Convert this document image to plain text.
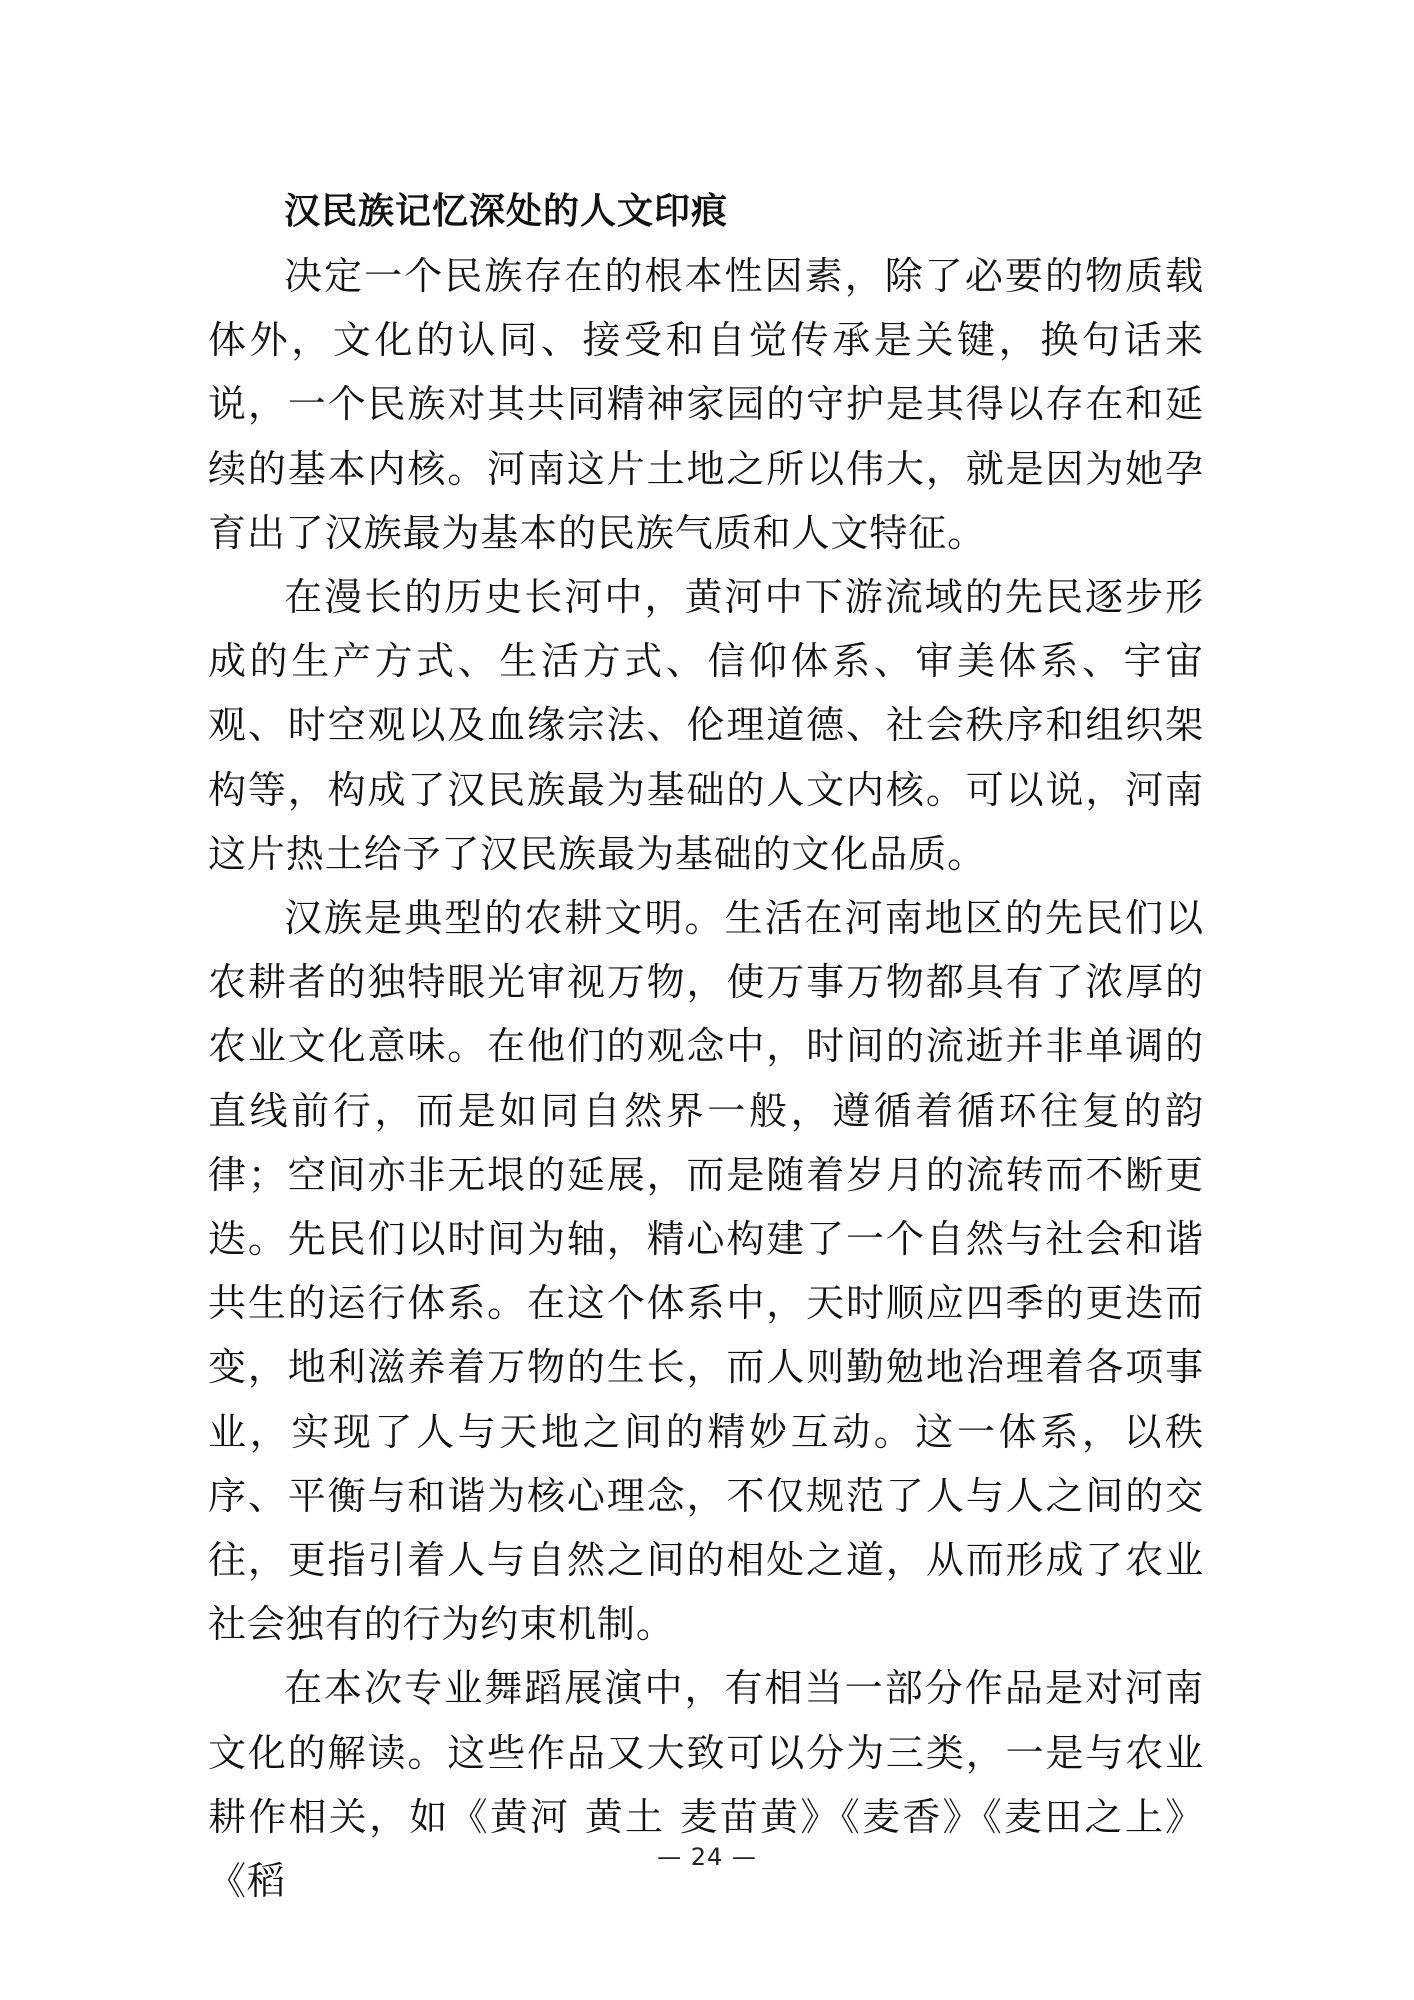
汉民族记忆深处的人文印痕

决定一个民族存在的根本性因素，除了必要的物质载体外，文化的认同、接受和自觉传承是关键，换句话来说，一个民族对其共同精神家园的守护是其得以存在和延续的基本内核。河南这片土地之所以伟大，就是因为她孕育出了汉族最为基本的民族气质和人文特征。

在漫长的历史长河中，黄河中下游流域的先民逐步形成的生产方式、生活方式、信仰体系、审美体系、宇宙观、时空观以及血缘宗法、伦理道德、社会秩序和组织架构等，构成了汉民族最为基础的人文内核。可以说，河南这片热土给予了汉民族最为基础的文化品质。

汉族是典型的农耕文明。生活在河南地区的先民们以农耕者的独特眼光审视万物，使万事万物都具有了浓厚的农业文化意味。在他们的观念中，时间的流逝并非单调的直线前行，而是如同自然界一般，遵循着循环往复的韵律；空间亦非无垠的延展，而是随着岁月的流转而不断更迭。先民们以时间为轴，精心构建了一个自然与社会和谐共生的运行体系。在这个体系中，天时顺应四季的更迭而变，地利滋养着万物的生长，而人则勤勉地治理着各项事业，实现了人与天地之间的精妙互动。这一体系，以秩序、平衡与和谐为核心理念，不仅规范了人与人之间的交往，更指引着人与自然之间的相处之道，从而形成了农业社会独有的行为约束机制。

在本次专业舞蹈展演中，有相当一部分作品是对河南文化的解读。这些作品又大致可以分为三类，一是与农业耕作相关，如《黄河 黄土 麦苗黄》《麦香》《麦田之上》《稻

— 24 —
